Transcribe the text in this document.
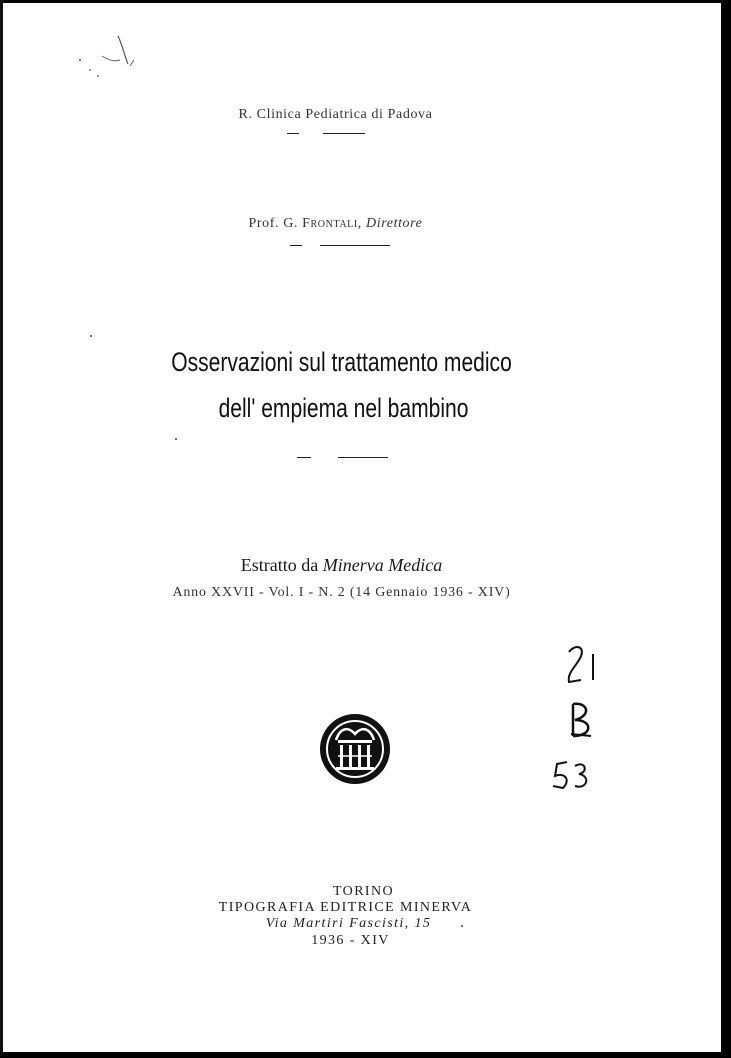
R. Clinica Pediatrica di Padova
Prof. G. Frontali, Direttore
Osservazioni sul trattamento medico
dell' empiema nel bambino
Estratto da Minerva Medica
Anno XXVII - Vol. I - N. 2 (14 Gennaio 1936 - XIV)
TORINO
TIPOGRAFIA EDITRICE MINERVA
Via Martiri Fascisti, 15
1936 - XIV
